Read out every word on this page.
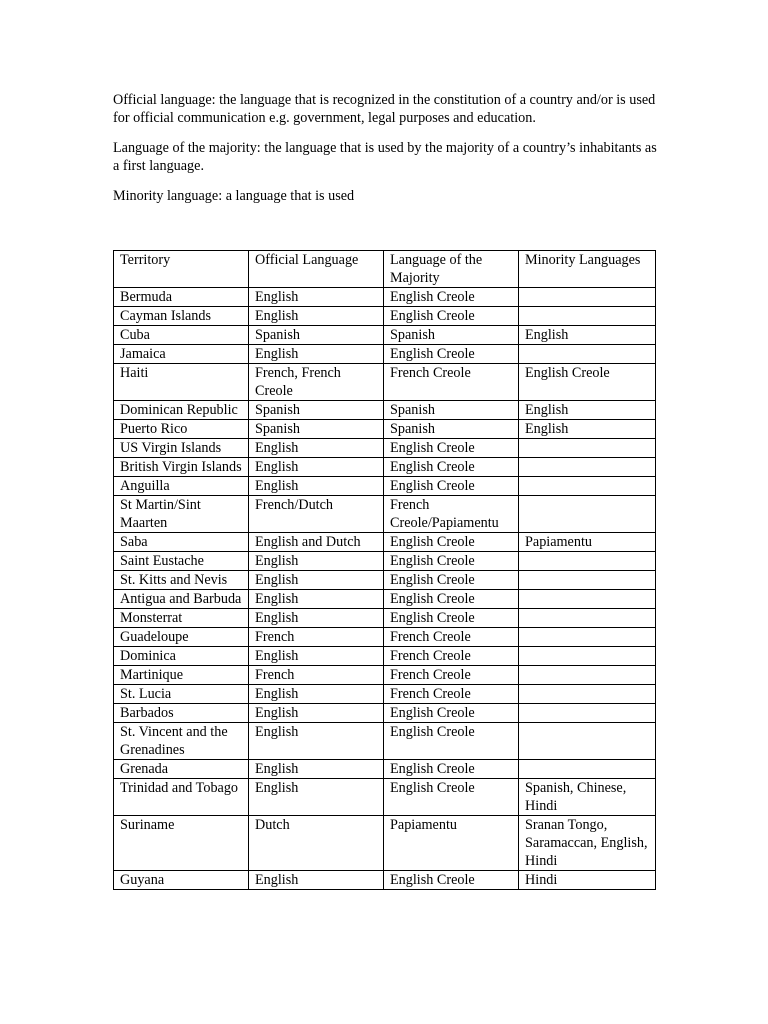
Official language: the language that is recognized in the constitution of a country and/or is used for official communication e.g. government, legal purposes and education.

Language of the majority: the language that is used by the majority of a country’s inhabitants as a first language.

Minority language: a language that is used

Territory	Official Language	Language of the Majority	Minority Languages
Bermuda	English	English Creole	
Cayman Islands	English	English Creole	
Cuba	Spanish	Spanish	English
Jamaica	English	English Creole	
Haiti	French, French Creole	French Creole	English Creole
Dominican Republic	Spanish	Spanish	English
Puerto Rico	Spanish	Spanish	English
US Virgin Islands	English	English Creole	
British Virgin Islands	English	English Creole	
Anguilla	English	English Creole	
St Martin/Sint Maarten	French/Dutch	French Creole/Papiamentu	
Saba	English and Dutch	English Creole	Papiamentu
Saint Eustache	English	English Creole	
St. Kitts and Nevis	English	English Creole	
Antigua and Barbuda	English	English Creole	
Monsterrat	English	English Creole	
Guadeloupe	French	French Creole	
Dominica	English	French Creole	
Martinique	French	French Creole	
St. Lucia	English	French Creole	
Barbados	English	English Creole	
St. Vincent and the Grenadines	English	English Creole	
Grenada	English	English Creole	
Trinidad and Tobago	English	English Creole	Spanish, Chinese, Hindi
Suriname	Dutch	Papiamentu	Sranan Tongo, Saramaccan, English, Hindi
Guyana	English	English Creole	Hindi
